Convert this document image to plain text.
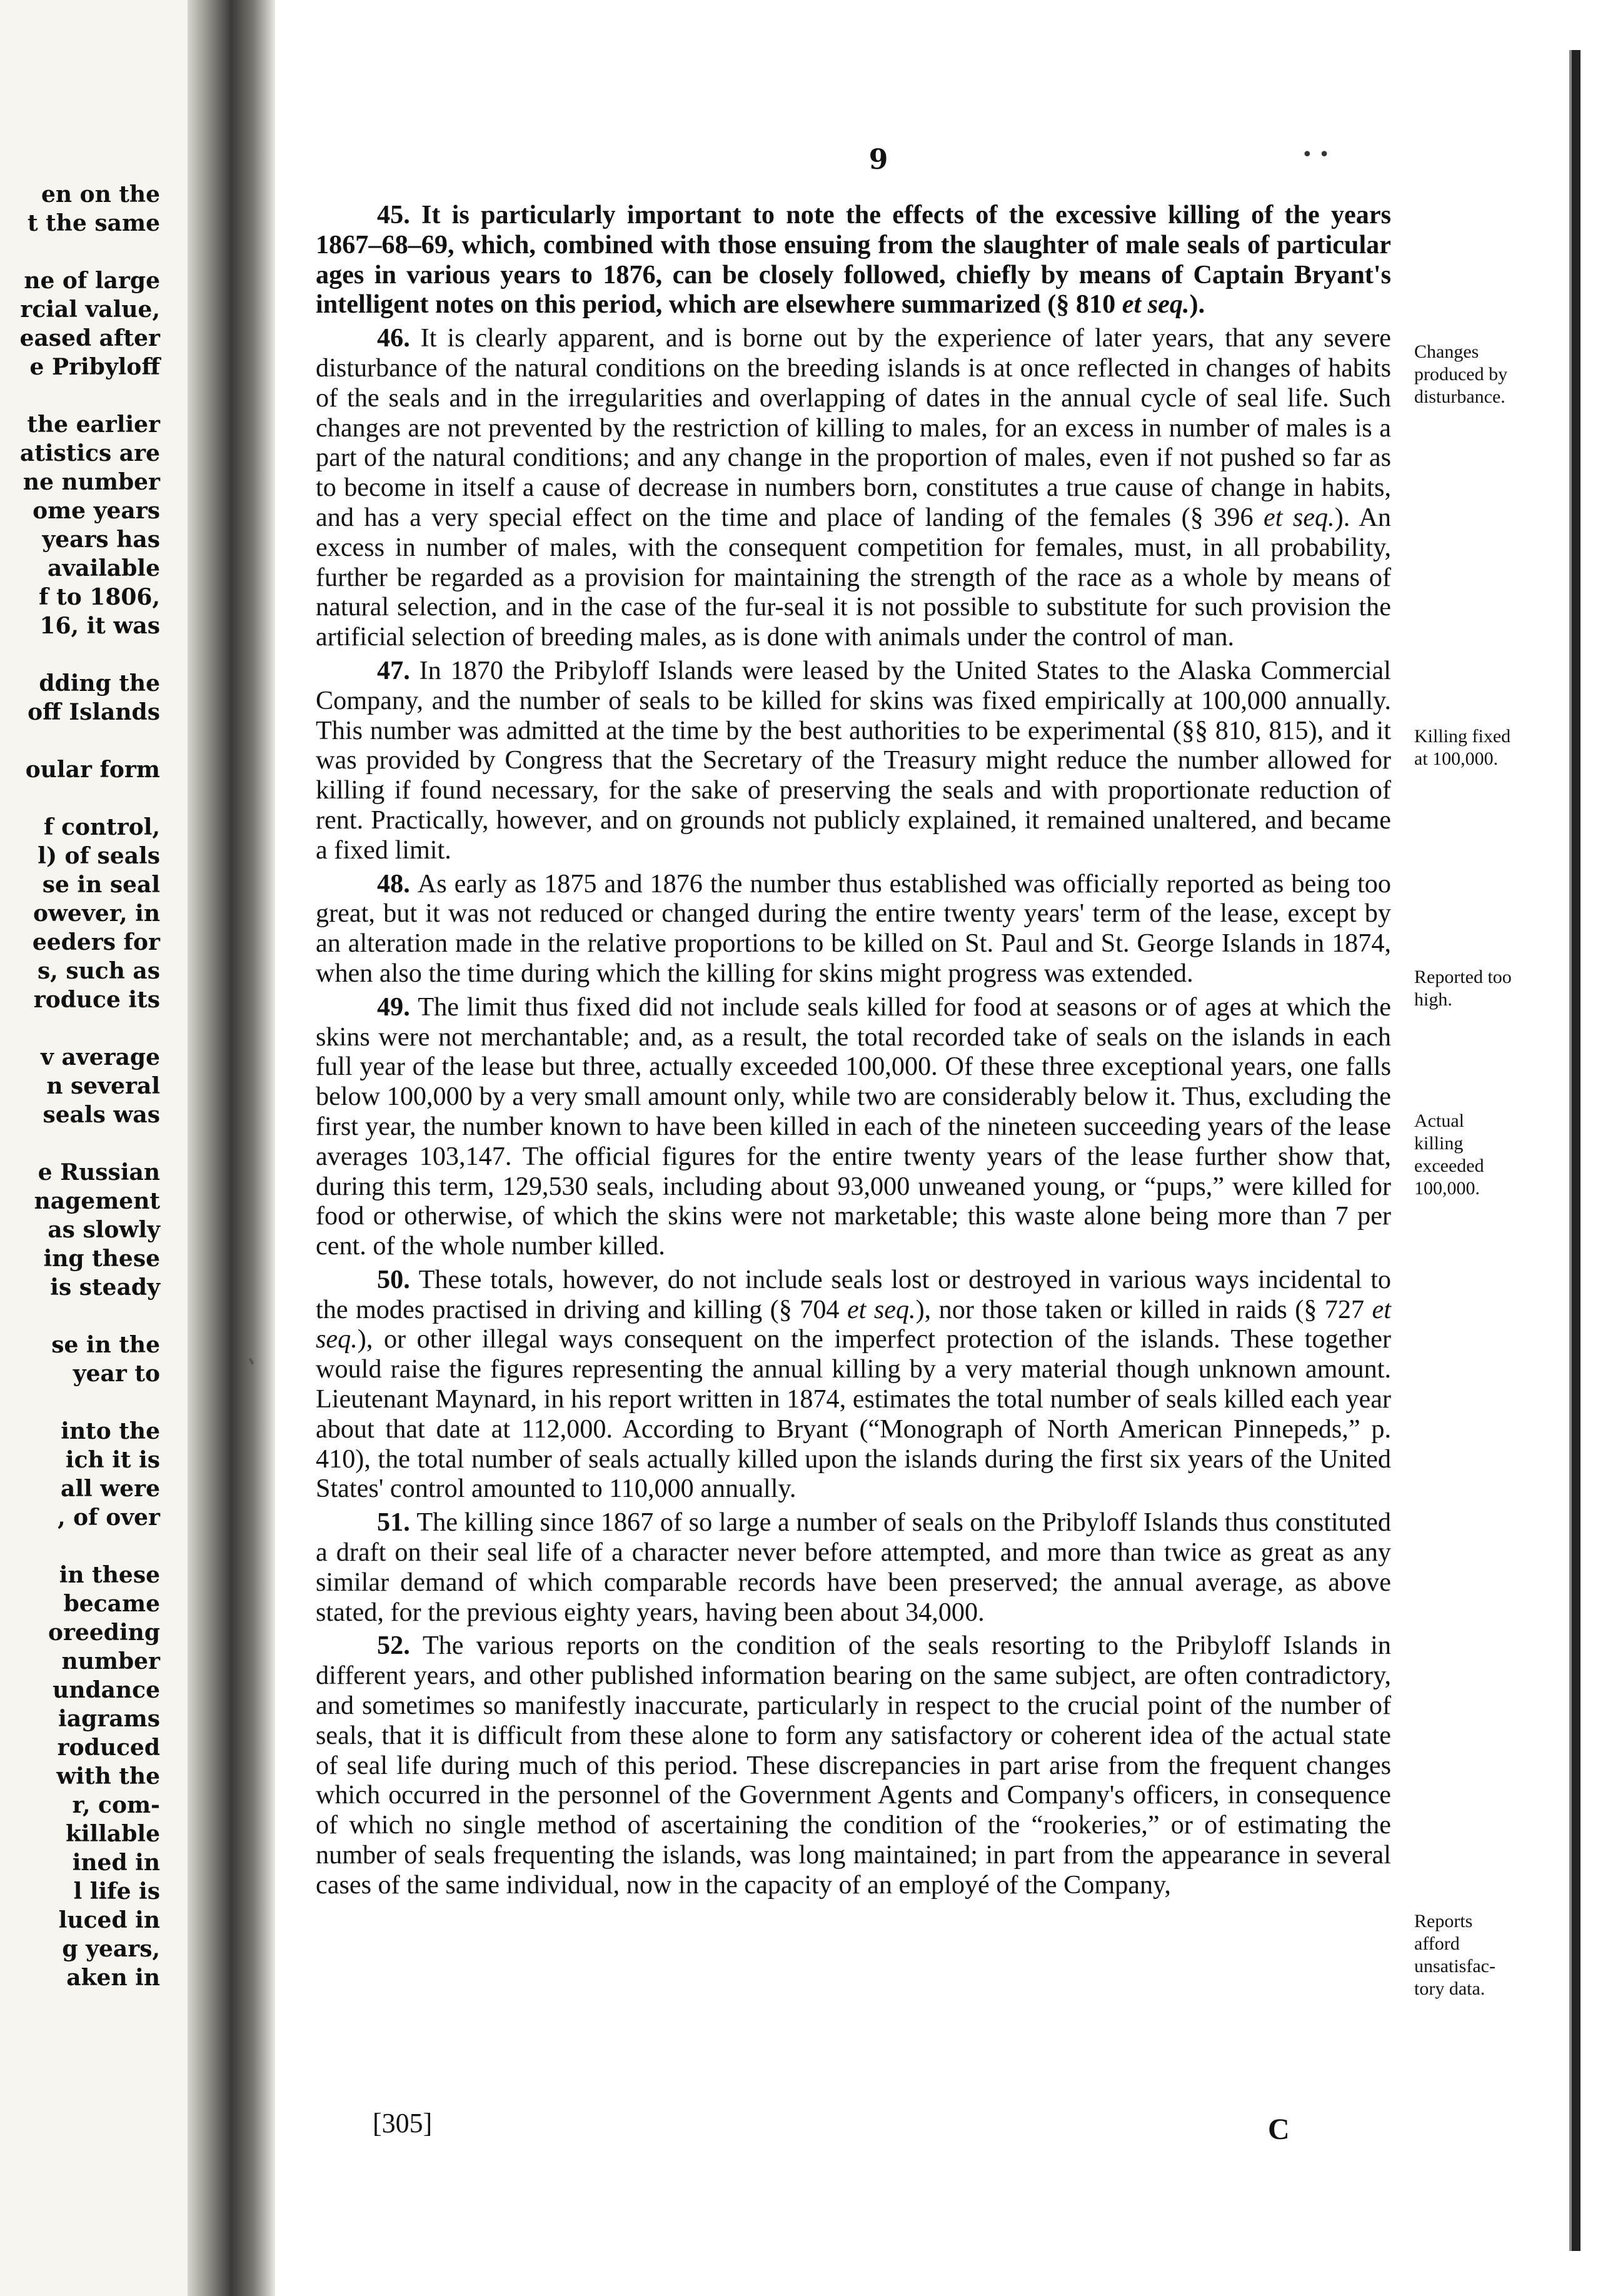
en on the
t the same
ne of large
rcial value,
eased after
e Pribyloff
the earlier
atistics are
ne number
ome years
years has
available
f to 1806,
16, it was
dding the
off Islands
oular form
f control,
l) of seals
se in seal
owever, in
eeders for
s, such as
roduce its
v average
n several
seals was
e Russian
nagement
as slowly
ing these
is steady
se in the
year to
into the
ich it is
all were
, of over
in these
became
oreeding
number
undance
iagrams
roduced
with the
r, com-
killable
ined in
l life is
luced in
g years,
aken in
9	• •

45. It is particularly important to note the effects of the excessive killing of the years 1867–68–69, which, combined with those ensuing from the slaughter of male seals of particular ages in various years to 1876, can be closely followed, chiefly by means of Captain Bryant's intelligent notes on this period, which are elsewhere summarized (§ 810 et seq.).

46. It is clearly apparent, and is borne out by the experience of later years, that any severe disturbance of the natural conditions on the breeding islands is at once reflected in changes of habits of the seals and in the irregularities and overlapping of dates in the annual cycle of seal life. Such changes are not prevented by the restriction of killing to males, for an excess in number of males is a part of the natural conditions; and any change in the proportion of males, even if not pushed so far as to become in itself a cause of decrease in numbers born, constitutes a true cause of change in habits, and has a very special effect on the time and place of landing of the females (§ 396 et seq.). An excess in number of males, with the consequent competition for females, must, in all probability, further be regarded as a provision for maintaining the strength of the race as a whole by means of natural selection, and in the case of the fur-seal it is not possible to substitute for such provision the artificial selection of breeding males, as is done with animals under the control of man.

47. In 1870 the Pribyloff Islands were leased by the United States to the Alaska Commercial Company, and the number of seals to be killed for skins was fixed empirically at 100,000 annually. This number was admitted at the time by the best authorities to be experimental (§§ 810, 815), and it was provided by Congress that the Secretary of the Treasury might reduce the number allowed for killing if found necessary, for the sake of preserving the seals and with proportionate reduction of rent. Practically, however, and on grounds not publicly explained, it remained unaltered, and became a fixed limit.

48. As early as 1875 and 1876 the number thus established was officially reported as being too great, but it was not reduced or changed during the entire twenty years' term of the lease, except by an alteration made in the relative proportions to be killed on St. Paul and St. George Islands in 1874, when also the time during which the killing for skins might progress was extended.

49. The limit thus fixed did not include seals killed for food at seasons or of ages at which the skins were not merchantable; and, as a result, the total recorded take of seals on the islands in each full year of the lease but three, actually exceeded 100,000. Of these three exceptional years, one falls below 100,000 by a very small amount only, while two are considerably below it. Thus, excluding the first year, the number known to have been killed in each of the nineteen succeeding years of the lease averages 103,147. The official figures for the entire twenty years of the lease further show that, during this term, 129,530 seals, including about 93,000 unweaned young, or “pups,” were killed for food or otherwise, of which the skins were not marketable; this waste alone being more than 7 per cent. of the whole number killed.

50. These totals, however, do not include seals lost or destroyed in various ways incidental to the modes practised in driving and killing (§ 704 et seq.), nor those taken or killed in raids (§ 727 et seq.), or other illegal ways consequent on the imperfect protection of the islands. These together would raise the figures representing the annual killing by a very material though unknown amount. Lieutenant Maynard, in his report written in 1874, estimates the total number of seals killed each year about that date at 112,000. According to Bryant (“Monograph of North American Pinnepeds,” p. 410), the total number of seals actually killed upon the islands during the first six years of the United States' control amounted to 110,000 annually.

51. The killing since 1867 of so large a number of seals on the Pribyloff Islands thus constituted a draft on their seal life of a character never before attempted, and more than twice as great as any similar demand of which comparable records have been preserved; the annual average, as above stated, for the previous eighty years, having been about 34,000.

52. The various reports on the condition of the seals resorting to the Pribyloff Islands in different years, and other published information bearing on the same subject, are often contradictory, and sometimes so manifestly inaccurate, particularly in respect to the crucial point of the number of seals, that it is difficult from these alone to form any satisfactory or coherent idea of the actual state of seal life during much of this period. These discrepancies in part arise from the frequent changes which occurred in the personnel of the Government Agents and Company's officers, in consequence of which no single method of ascertaining the condition of the “rookeries,” or of estimating the number of seals frequenting the islands, was long maintained; in part from the appearance in several cases of the same individual, now in the capacity of an employé of the Company,

Changes
produced by
disturbance.
Killing fixed
at 100,000.
Reported too
high.
Actual
killing
exceeded
100,000.
Reports
afford
unsatisfac-
tory data.
[305]	C
